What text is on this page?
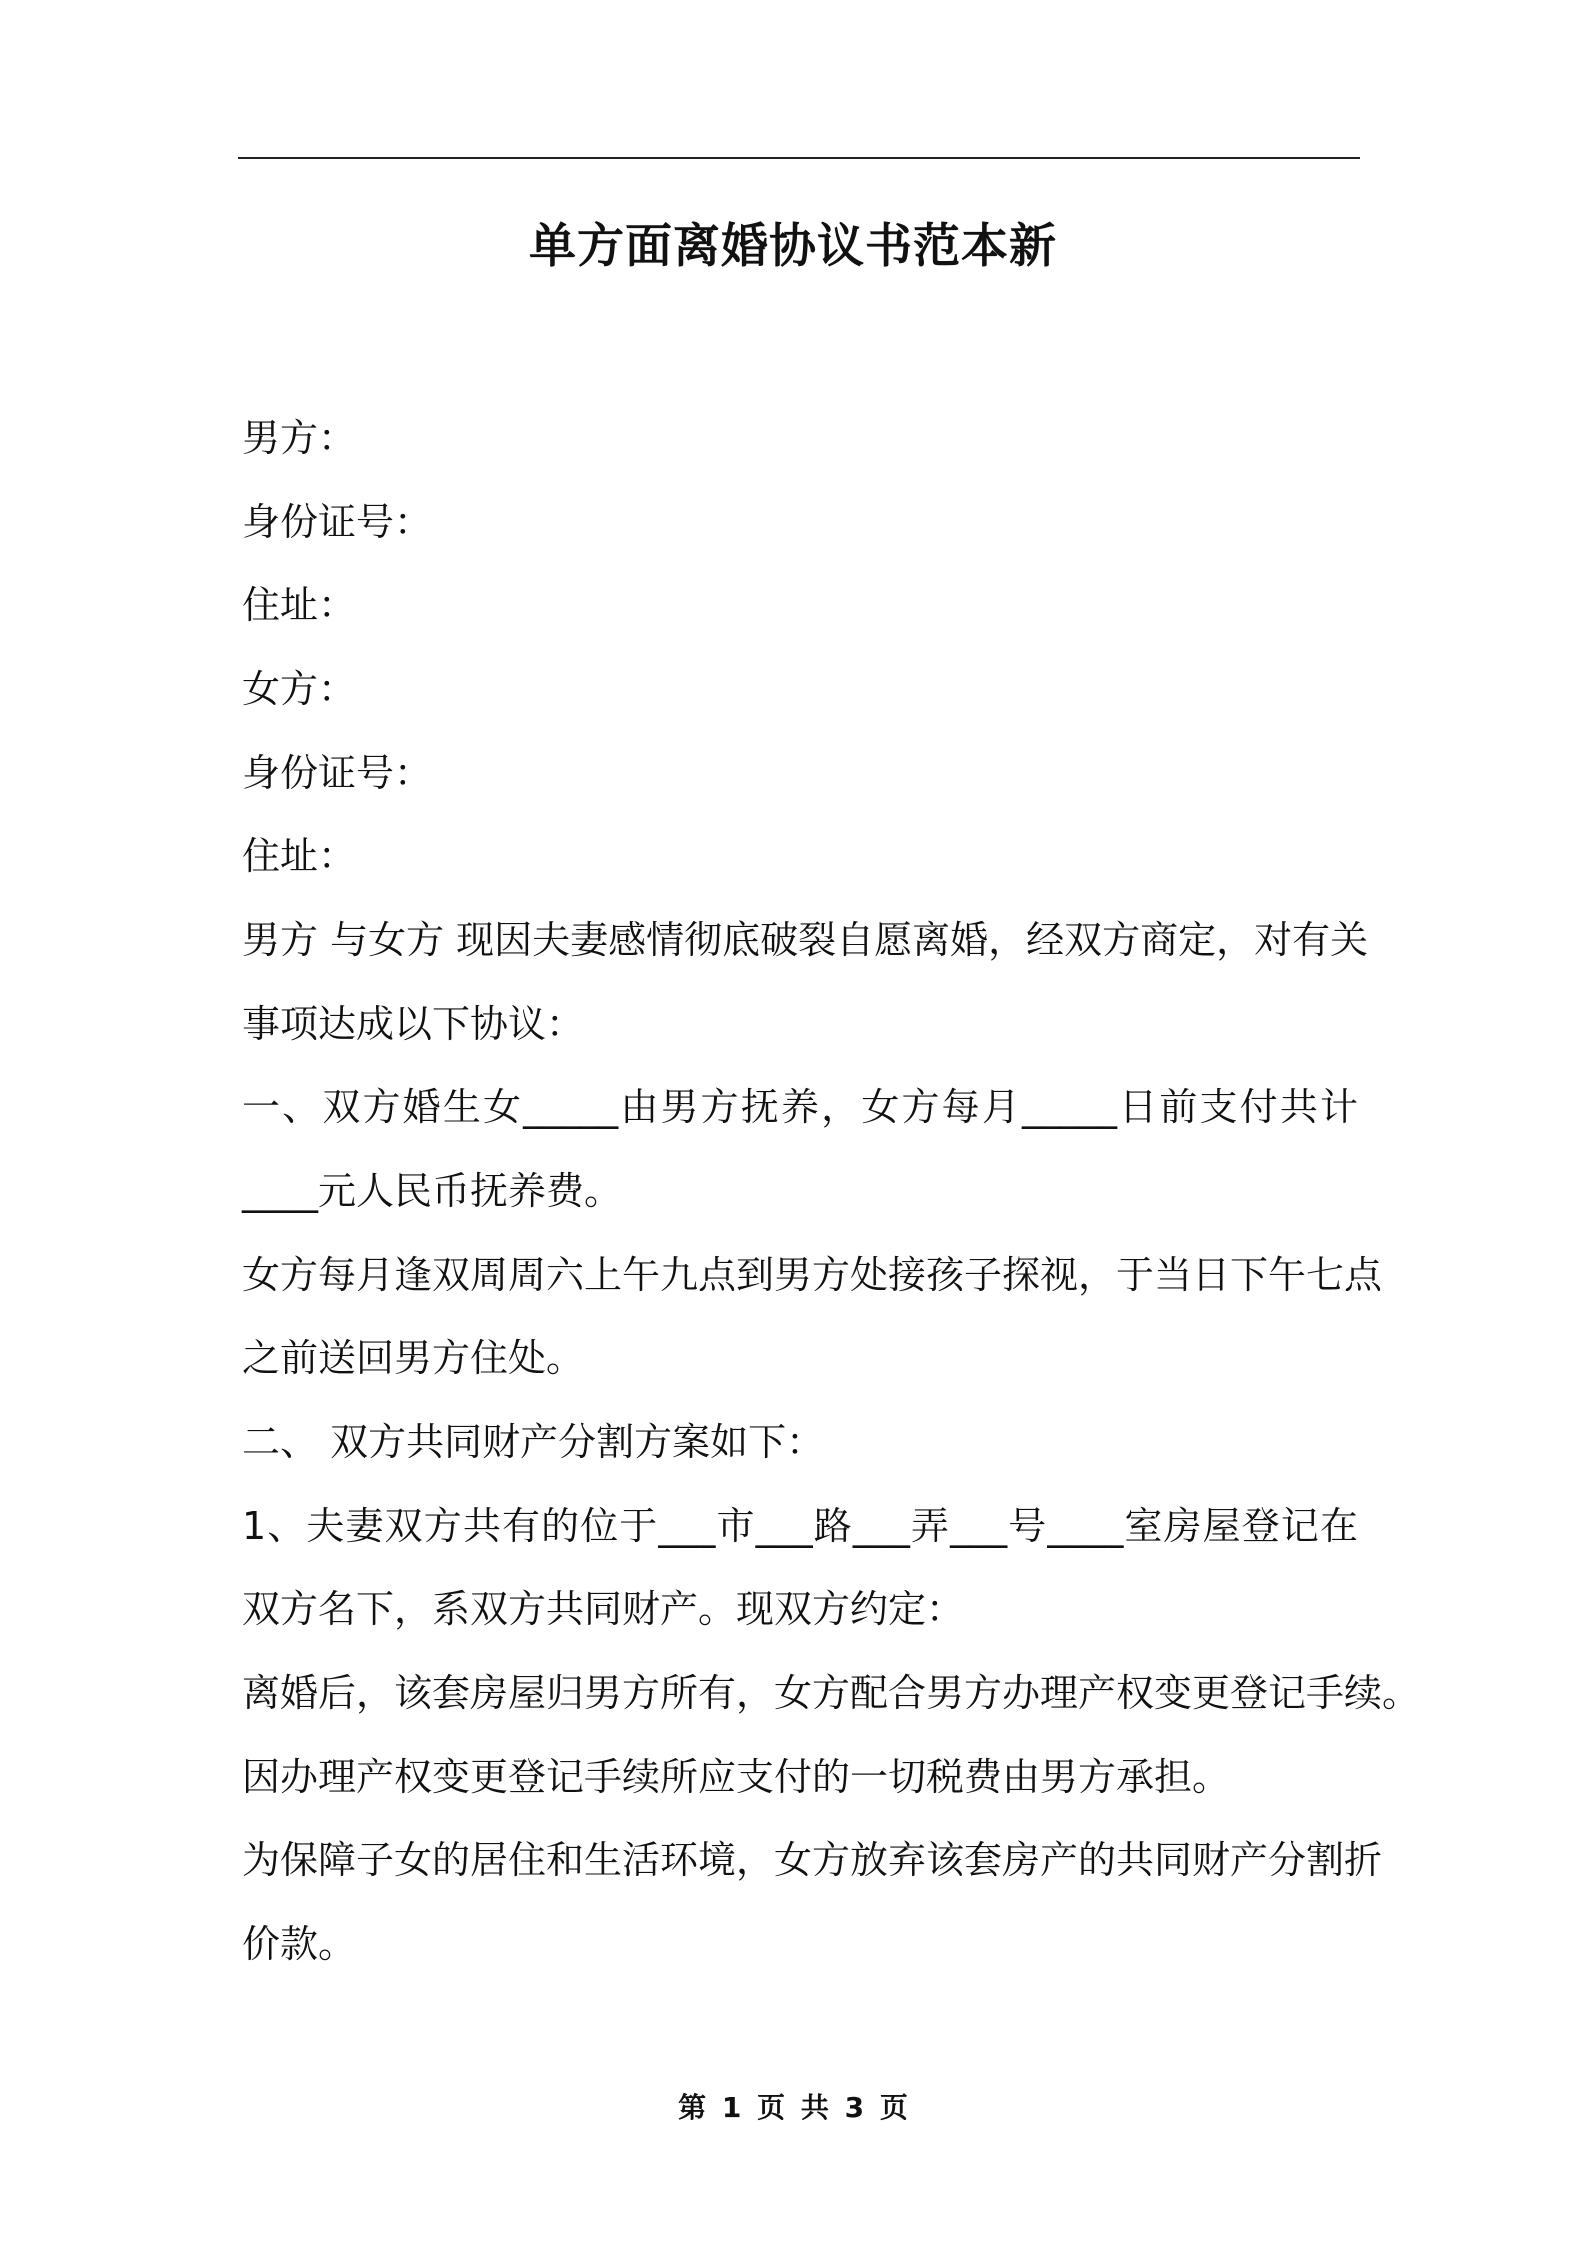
单方面离婚协议书范本新
男方：
身份证号：
住址：
女方：
身份证号：
住址：
男方 与女方 现因夫妻感情彻底破裂自愿离婚，经双方商定，对有关
事项达成以下协议：
一、双方婚生女_____由男方抚养，女方每月_____日前支付共计
____元人民币抚养费。
女方每月逢双周周六上午九点到男方处接孩子探视，于当日下午七点
之前送回男方住处。
二、 双方共同财产分割方案如下：
1、夫妻双方共有的位于___市___路___弄___号____室房屋登记在
双方名下，系双方共同财产。现双方约定：
离婚后，该套房屋归男方所有，女方配合男方办理产权变更登记手续。
因办理产权变更登记手续所应支付的一切税费由男方承担。
为保障子女的居住和生活环境，女方放弃该套房产的共同财产分割折
价款。
第 1 页 共 3 页
